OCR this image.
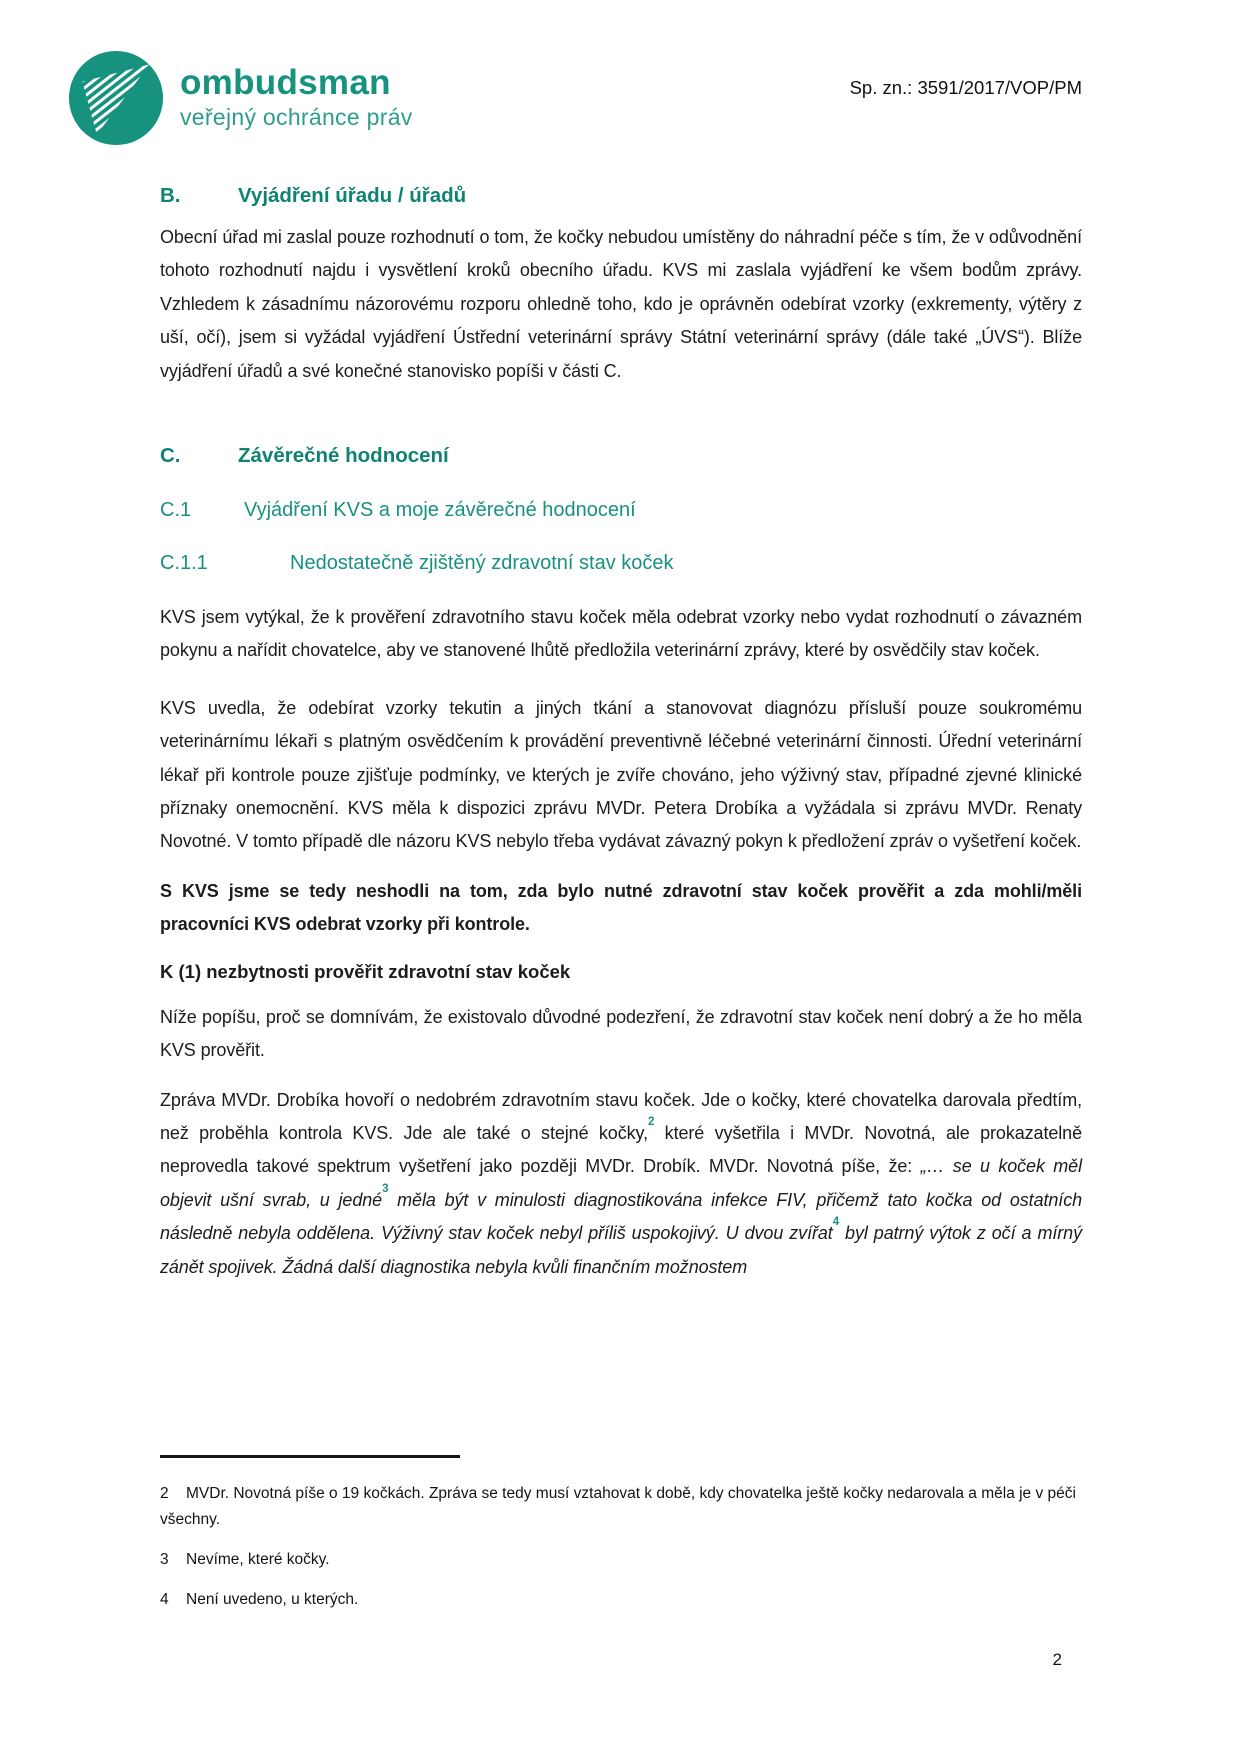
ombudsman
veřejný ochránce práv
Sp. zn.: 3591/2017/VOP/PM
B.	Vyjádření úřadu / úřadů

Obecní úřad mi zaslal pouze rozhodnutí o tom, že kočky nebudou umístěny do náhradní péče s tím, že v odůvodnění tohoto rozhodnutí najdu i vysvětlení kroků obecního úřadu. KVS mi zaslala vyjádření ke všem bodům zprávy. Vzhledem k zásadnímu názorovému rozporu ohledně toho, kdo je oprávněn odebírat vzorky (exkrementy, výtěry z uší, očí), jsem si vyžádal vyjádření Ústřední veterinární správy Státní veterinární správy (dále také „ÚVS“). Blíže vyjádření úřadů a své konečné stanovisko popíši v části C.

C.	Závěrečné hodnocení
C.1	Vyjádření KVS a moje závěrečné hodnocení
C.1.1	Nedostatečně zjištěný zdravotní stav koček

KVS jsem vytýkal, že k prověření zdravotního stavu koček měla odebrat vzorky nebo vydat rozhodnutí o závazném pokynu a nařídit chovatelce, aby ve stanovené lhůtě předložila veterinární zprávy, které by osvědčily stav koček.

KVS uvedla, že odebírat vzorky tekutin a jiných tkání a stanovovat diagnózu přísluší pouze soukromému veterinárnímu lékaři s platným osvědčením k provádění preventivně léčebné veterinární činnosti. Úřední veterinární lékař při kontrole pouze zjišťuje podmínky, ve kterých je zvíře chováno, jeho výživný stav, případné zjevné klinické příznaky onemocnění. KVS měla k dispozici zprávu MVDr. Petera Drobíka a vyžádala si zprávu MVDr. Renaty Novotné. V tomto případě dle názoru KVS nebylo třeba vydávat závazný pokyn k předložení zpráv o vyšetření koček.

S KVS jsme se tedy neshodli na tom, zda bylo nutné zdravotní stav koček prověřit a zda mohli/měli pracovníci KVS odebrat vzorky při kontrole.

K (1) nezbytnosti prověřit zdravotní stav koček

Níže popíšu, proč se domnívám, že existovalo důvodné podezření, že zdravotní stav koček není dobrý a že ho měla KVS prověřit.

Zpráva MVDr. Drobíka hovoří o nedobrém zdravotním stavu koček. Jde o kočky, které chovatelka darovala předtím, než proběhla kontrola KVS. Jde ale také o stejné kočky,$^2$ které vyšetřila i MVDr. Novotná, ale prokazatelně neprovedla takové spektrum vyšetření jako později MVDr. Drobík. MVDr. Novotná píše, že: „… se u koček měl objevit ušní svrab, u jedné$^3$ měla být v minulosti diagnostikována infekce FIV, přičemž tato kočka od ostatních následně nebyla oddělena. Výživný stav koček nebyl příliš uspokojivý. U dvou zvířat$^4$ byl patrný výtok z očí a mírný zánět spojivek. Žádná další diagnostika nebyla kvůli finančním možnostem

2 MVDr. Novotná píše o 19 kočkách. Zpráva se tedy musí vztahovat k době, kdy chovatelka ještě kočky nedarovala a měla je v péči všechny.
3 Nevíme, které kočky.
4 Není uvedeno, u kterých.
2
